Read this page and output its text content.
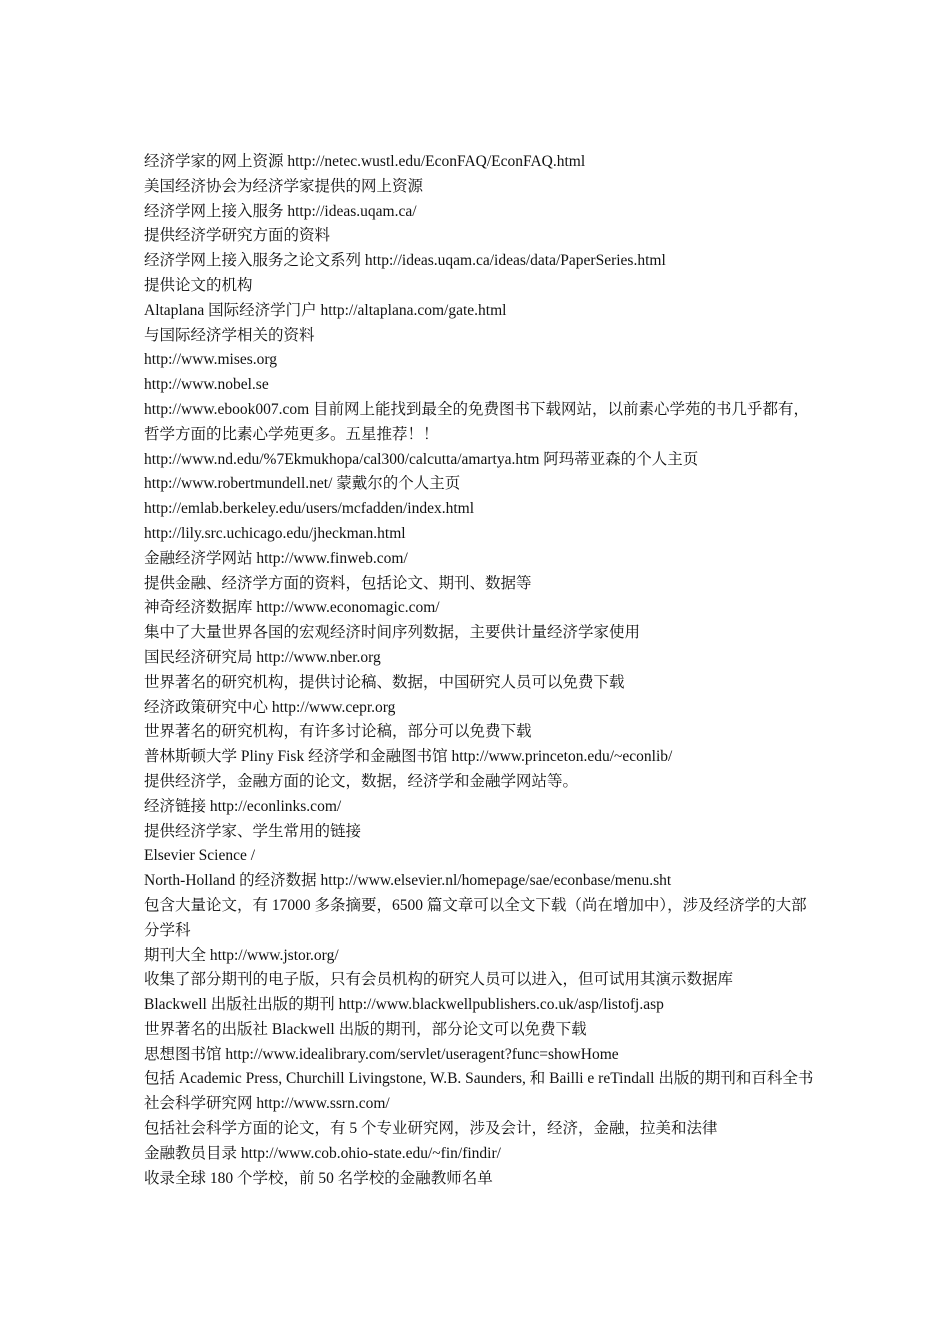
经济学家的网上资源 http://netec.wustl.edu/EconFAQ/EconFAQ.html
美国经济协会为经济学家提供的网上资源
经济学网上接入服务 http://ideas.uqam.ca/
提供经济学研究方面的资料
经济学网上接入服务之论文系列 http://ideas.uqam.ca/ideas/data/PaperSeries.html
提供论文的机构
Altaplana 国际经济学门户 http://altaplana.com/gate.html
与国际经济学相关的资料
http://www.mises.org
http://www.nobel.se
http://www.ebook007.com 目前网上能找到最全的免费图书下载网站，以前素心学苑的书几乎都有，哲学方面的比素心学苑更多。五星推荐！！
http://www.nd.edu/%7Ekmukhopa/cal300/calcutta/amartya.htm 阿玛蒂亚森的个人主页
http://www.robertmundell.net/ 蒙戴尔的个人主页
http://emlab.berkeley.edu/users/mcfadden/index.html
http://lily.src.uchicago.edu/jheckman.html
金融经济学网站 http://www.finweb.com/
提供金融、经济学方面的资料，包括论文、期刊、数据等
神奇经济数据库 http://www.economagic.com/
集中了大量世界各国的宏观经济时间序列数据，主要供计量经济学家使用
国民经济研究局 http://www.nber.org
世界著名的研究机构，提供讨论稿、数据，中国研究人员可以免费下载
经济政策研究中心 http://www.cepr.org
世界著名的研究机构，有许多讨论稿，部分可以免费下载
普林斯顿大学 Pliny Fisk 经济学和金融图书馆 http://www.princeton.edu/~econlib/
提供经济学，金融方面的论文，数据，经济学和金融学网站等。
经济链接 http://econlinks.com/
提供经济学家、学生常用的链接
Elsevier Science /
North-Holland 的经济数据 http://www.elsevier.nl/homepage/sae/econbase/menu.sht
包含大量论文，有 17000 多条摘要，6500 篇文章可以全文下载（尚在增加中），涉及经济学的大部分学科
期刊大全 http://www.jstor.org/
收集了部分期刊的电子版，只有会员机构的研究人员可以进入，但可试用其演示数据库
Blackwell 出版社出版的期刊 http://www.blackwellpublishers.co.uk/asp/listofj.asp
世界著名的出版社 Blackwell 出版的期刊，部分论文可以免费下载
思想图书馆 http://www.idealibrary.com/servlet/useragent?func=showHome
包括 Academic Press, Churchill Livingstone, W.B. Saunders, 和 Bailli e reTindall 出版的期刊和百科全书
社会科学研究网 http://www.ssrn.com/
包括社会科学方面的论文，有 5 个专业研究网，涉及会计，经济，金融，拉美和法律
金融教员目录 http://www.cob.ohio-state.edu/~fin/findir/
收录全球 180 个学校，前 50 名学校的金融教师名单
